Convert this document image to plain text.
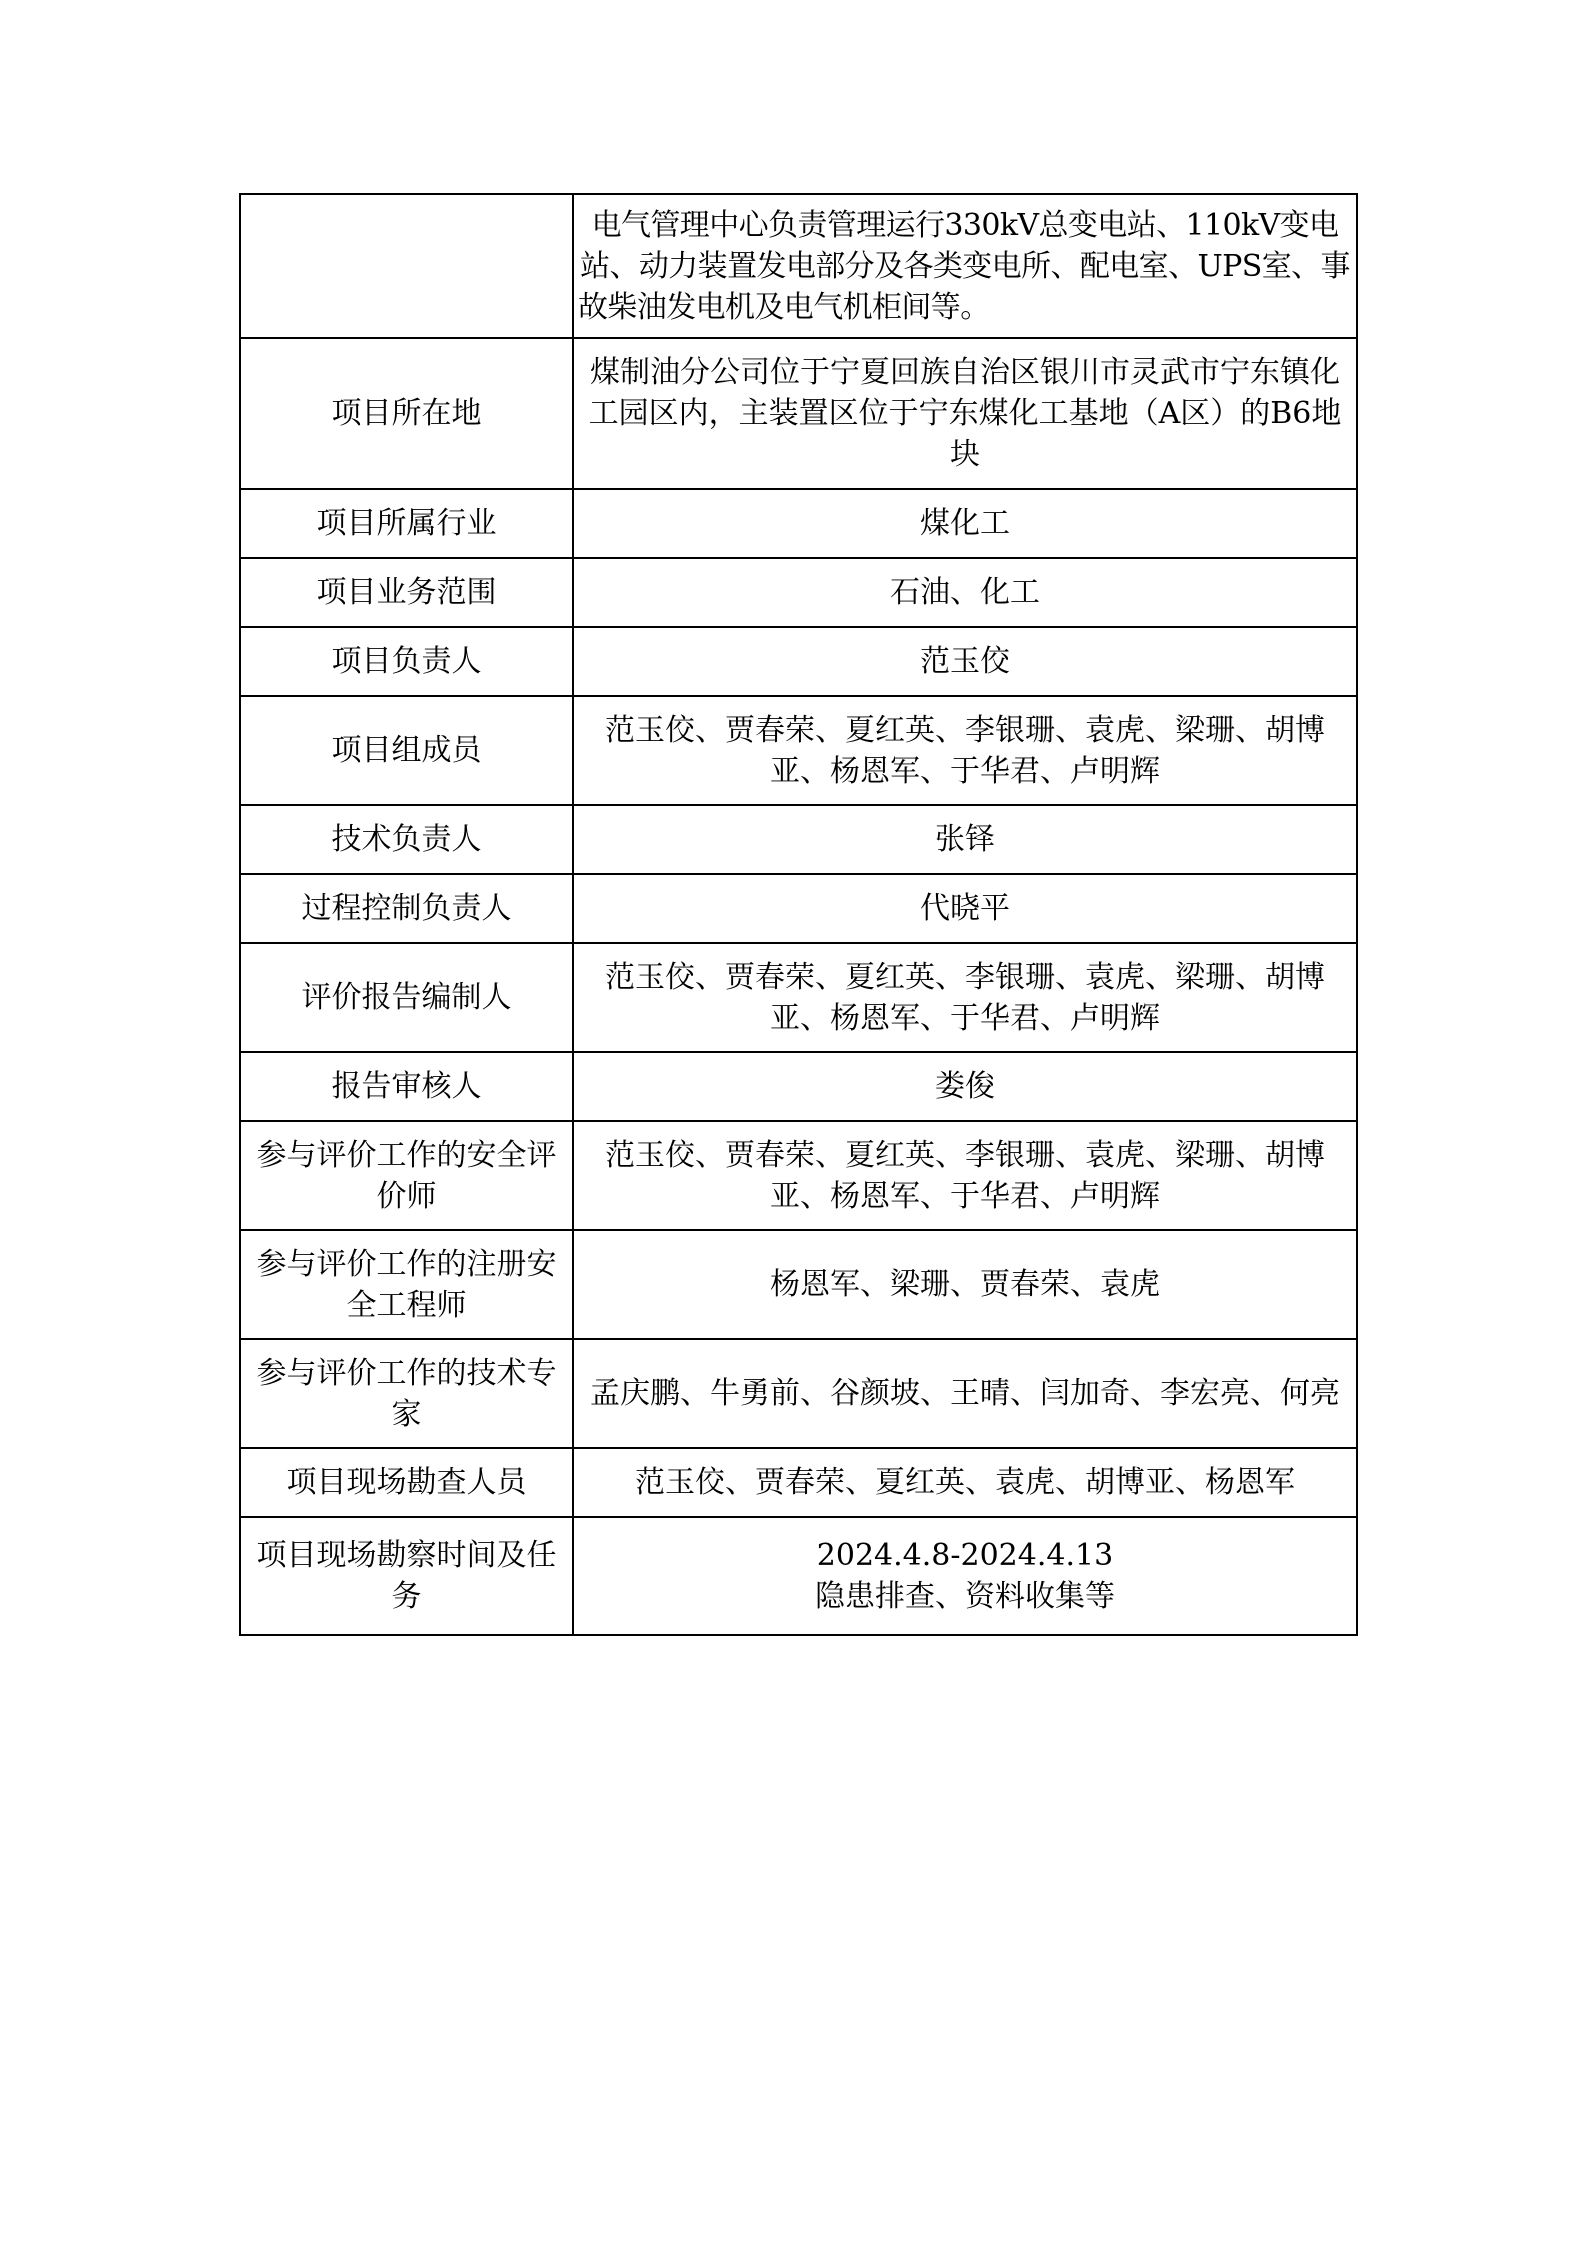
	电气管理中心负责管理运行330kV总变电站、110kV变电站、动力装置发电部分及各类变电所、配电室、UPS室、事故柴油发电机及电气机柜间等。
项目所在地	煤制油分公司位于宁夏回族自治区银川市灵武市宁东镇化工园区内，主装置区位于宁东煤化工基地（A区）的B6地块
项目所属行业	煤化工
项目业务范围	石油、化工
项目负责人	范玉佼
项目组成员	范玉佼、贾春荣、夏红英、李银珊、袁虎、梁珊、胡博亚、杨恩军、于华君、卢明辉
技术负责人	张铎
过程控制负责人	代晓平
评价报告编制人	范玉佼、贾春荣、夏红英、李银珊、袁虎、梁珊、胡博亚、杨恩军、于华君、卢明辉
报告审核人	娄俊
参与评价工作的安全评价师	范玉佼、贾春荣、夏红英、李银珊、袁虎、梁珊、胡博亚、杨恩军、于华君、卢明辉
参与评价工作的注册安全工程师	杨恩军、梁珊、贾春荣、袁虎
参与评价工作的技术专家	孟庆鹏、牛勇前、谷颜坡、王晴、闫加奇、李宏亮、何亮
项目现场勘查人员	范玉佼、贾春荣、夏红英、袁虎、胡博亚、杨恩军
项目现场勘察时间及任务	2024.4.8-2024.4.13
隐患排查、资料收集等
